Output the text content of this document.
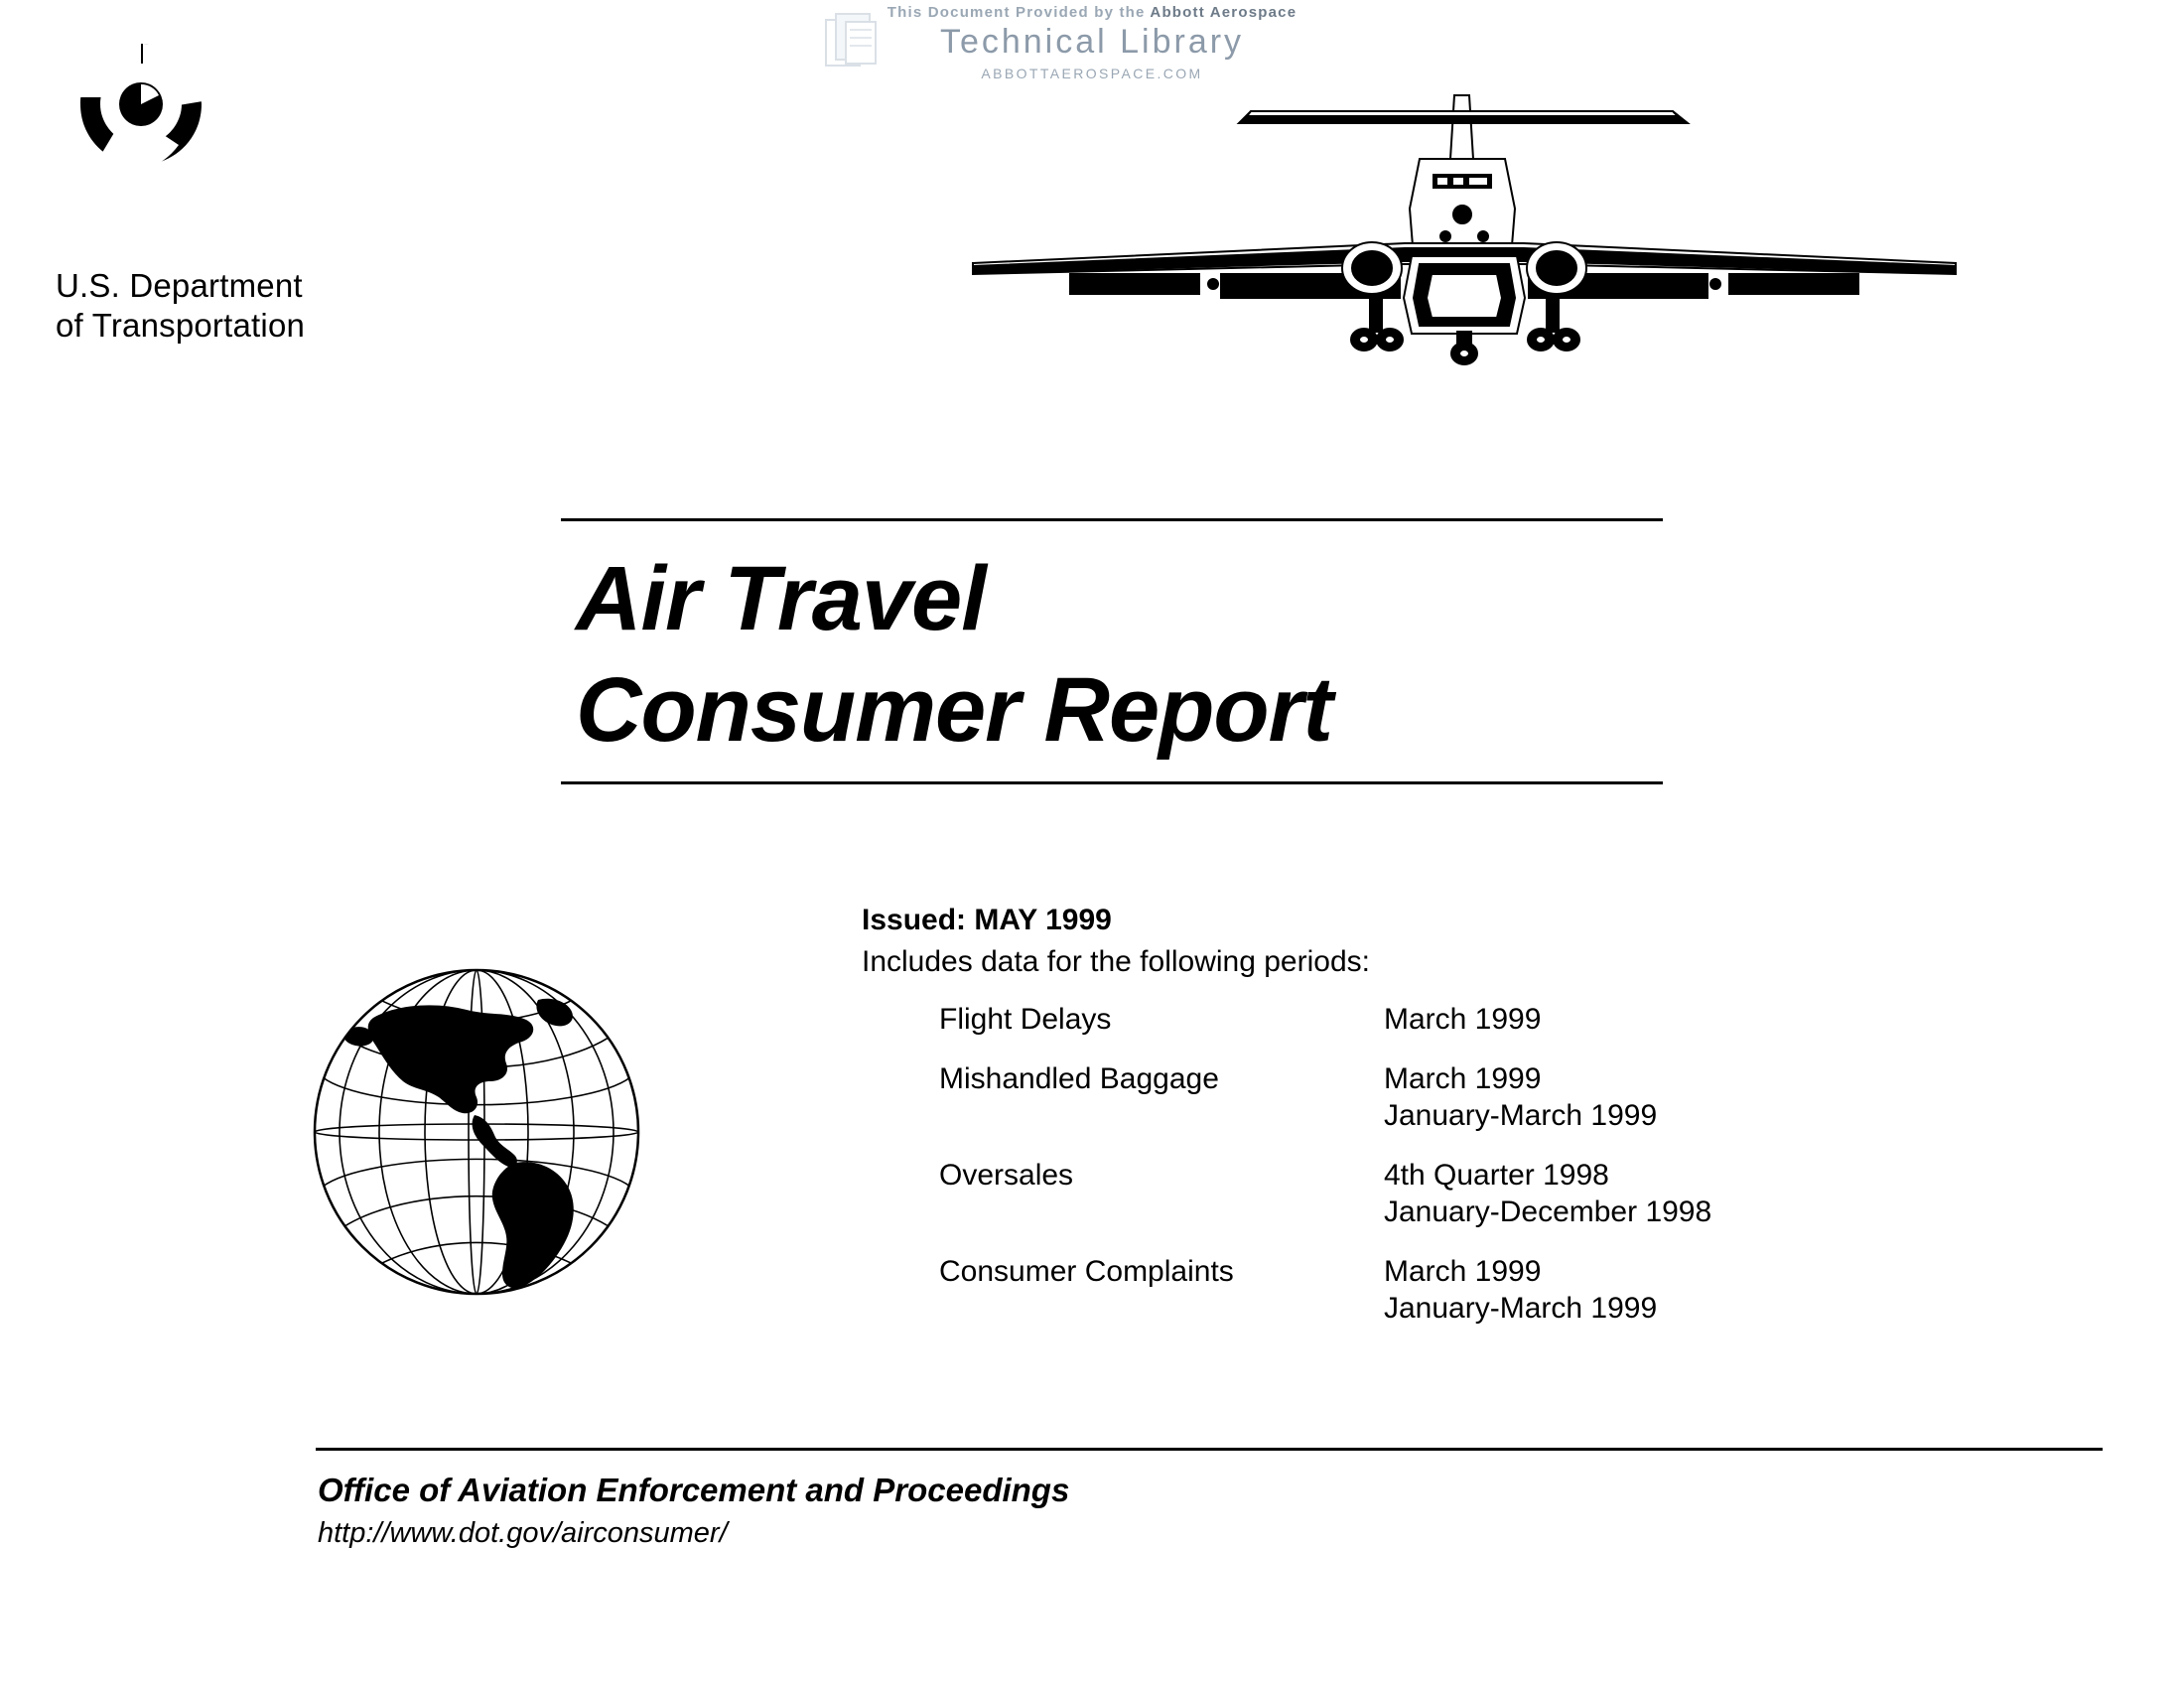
This Document Provided by the Abbott Aerospace
Technical Library
ABBOTTAEROSPACE.COM
U.S. Department
of Transportation
Air Travel
Consumer Report
Issued: MAY 1999
Includes data for the following periods:
Flight Delays	March 1999
Mishandled Baggage	March 1999
January-March 1999
Oversales	4th Quarter 1998
January-December 1998
Consumer Complaints	March 1999
January-March 1999
Office of Aviation Enforcement and Proceedings
http://www.dot.gov/airconsumer/
